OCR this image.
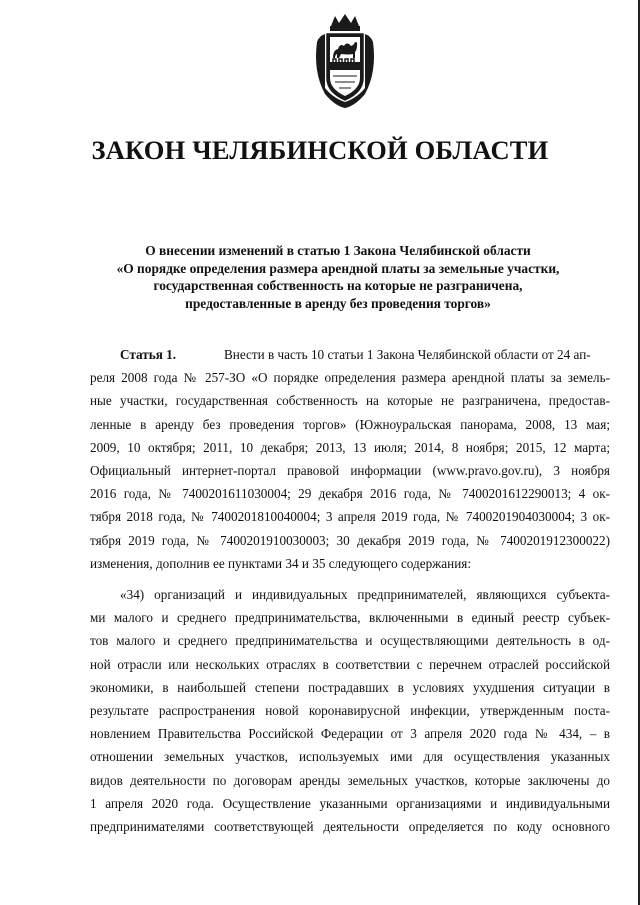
ЗАКОН ЧЕЛЯБИНСКОЙ ОБЛАСТИ
О внесении изменений в статью 1 Закона Челябинской области
«О порядке определения размера арендной платы за земельные участки,
государственная собственность на которые не разграничена,
предоставленные в аренду без проведения торгов»
Статья 1.	Внести в часть 10 статьи 1 Закона Челябинской области от 24 ап-
реля 2008 года № 257-ЗО «О порядке определения размера арендной платы за земель-
ные участки, государственная собственность на которые не разграничена, предостав-
ленные в аренду без проведения торгов» (Южноуральская панорама, 2008, 13 мая;
2009, 10 октября; 2011, 10 декабря; 2013, 13 июля; 2014, 8 ноября; 2015, 12 марта;
Официальный интернет-портал правовой информации (www.pravo.gov.ru), 3 ноября
2016 года, № 7400201611030004; 29 декабря 2016 года, № 7400201612290013; 4 ок-
тября 2018 года, № 7400201810040004; 3 апреля 2019 года, № 7400201904030004; 3 ок-
тября 2019 года, № 7400201910030003; 30 декабря 2019 года, № 7400201912300022)
изменения, дополнив ее пунктами 34 и 35 следующего содержания:
«34) организаций и индивидуальных предпринимателей, являющихся субъекта-
ми малого и среднего предпринимательства, включенными в единый реестр субъек-
тов малого и среднего предпринимательства и осуществляющими деятельность в од-
ной отрасли или нескольких отраслях в соответствии с перечнем отраслей российской
экономики, в наибольшей степени пострадавших в условиях ухудшения ситуации в
результате распространения новой коронавирусной инфекции, утвержденным поста-
новлением Правительства Российской Федерации от 3 апреля 2020 года № 434, – в
отношении земельных участков, используемых ими для осуществления указанных
видов деятельности по договорам аренды земельных участков, которые заключены до
1 апреля 2020 года. Осуществление указанными организациями и индивидуальными
предпринимателями соответствующей деятельности определяется по коду основного
